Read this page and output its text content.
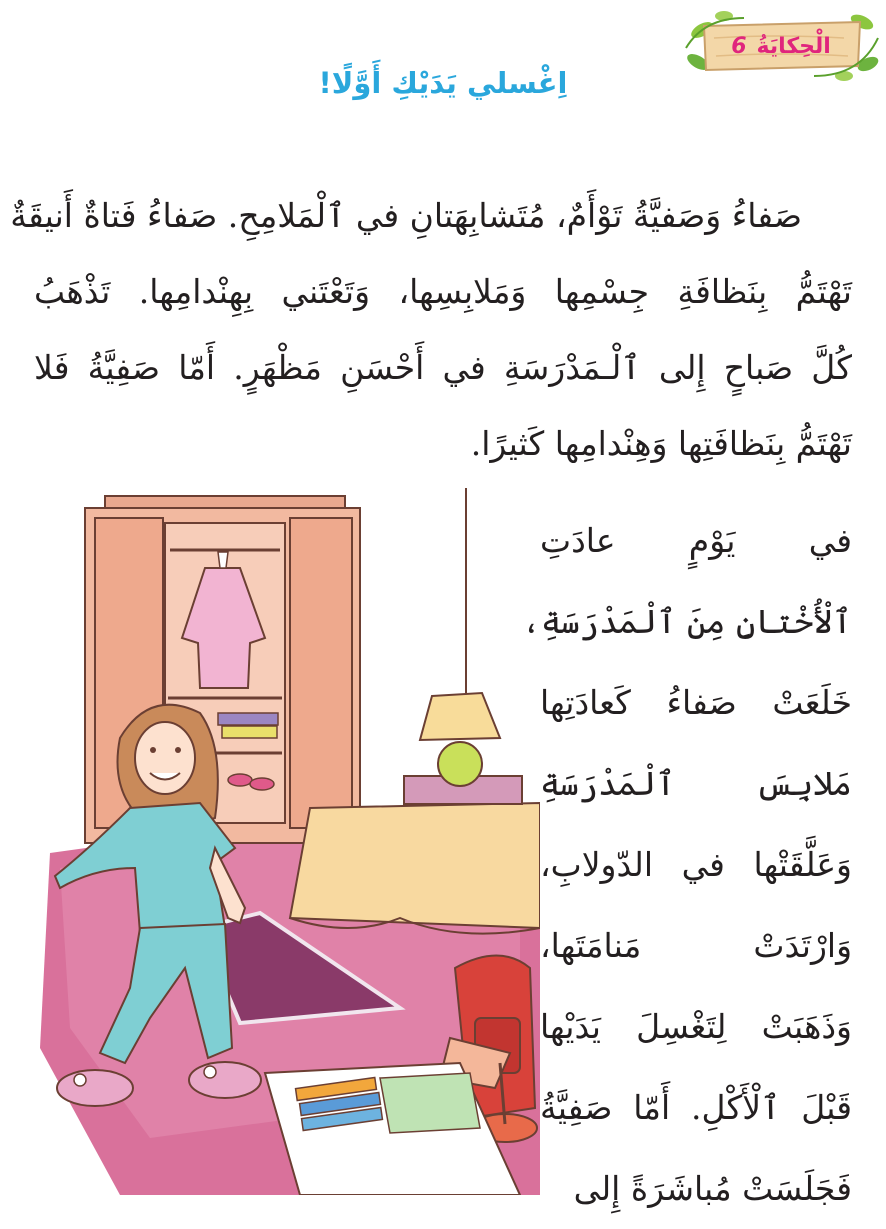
الْحِكايَةُ
6
اِغْسلي يَدَيْكِ أَوَّلًا!
صَفاءُ وَصَفيَّةُ تَوْأَمٌ، مُتَشابِهَتانِ في ٱلْمَلامِحِ. صَفاءُ فَتاةٌ أَنيقَةٌ
تَهْتَمُّ بِنَظافَةِ جِسْمِها وَمَلابِسِها، وَتَعْتَني بِهِنْدامِها. تَذْهَبُ
كُلَّ صَباحٍ إِلى ٱلْـمَدْرَسَةِ في أَحْسَنِ مَظْهَرٍ. أَمّا صَفِيَّةُ فَلا
تَهْتَمُّ بِنَظافَتِها وَهِنْدامِها كَثيرًا.
في يَوْمٍ عادَتِ
ٱلْأُخْتانِ مِنَ ٱلْمَدْرَسَةِ،
خَلَعَتْ صَفاءُ كَعادَتِها
مَلابِسَ ٱلْمَدْرَسَةِ
وَعَلَّقَتْها في الدّولابِ،
وَارْتَدَتْ مَنامَتَها،
وَذَهَبَتْ لِتَغْسِلَ يَدَيْها
قَبْلَ ٱلْأَكْلِ. أَمّا صَفِيَّةُ
فَجَلَسَتْ مُباشَرَةً إِلى
